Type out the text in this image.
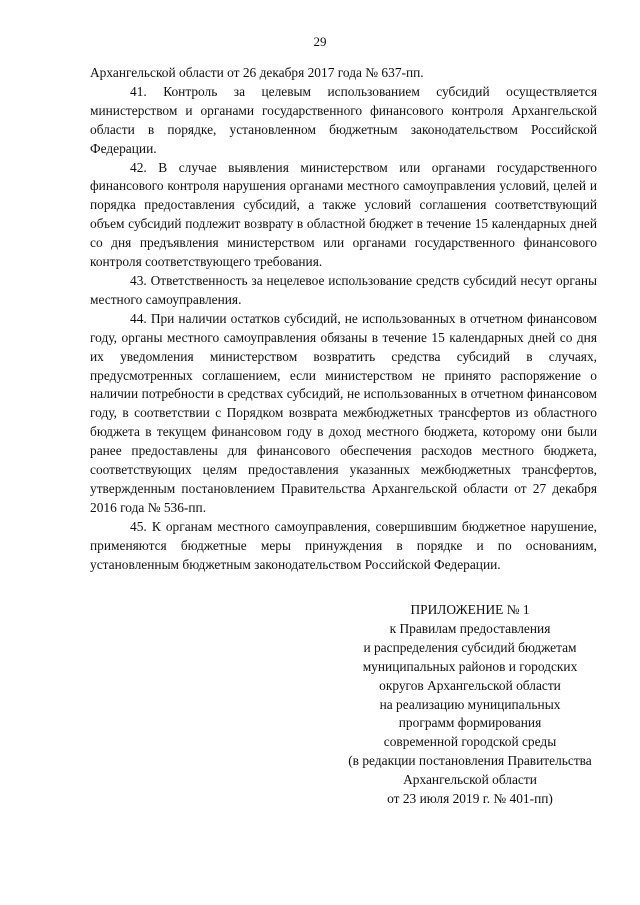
29

Архангельской области от 26 декабря 2017 года № 637-пп.

41. Контроль за целевым использованием субсидий осуществляется министерством и органами государственного финансового контроля Архангельской области в порядке, установленном бюджетным законодательством Российской Федерации.

42. В случае выявления министерством или органами государственного финансового контроля нарушения органами местного самоуправления условий, целей и порядка предоставления субсидий, а также условий соглашения соответствующий объем субсидий подлежит возврату в областной бюджет в течение 15 календарных дней со дня предъявления министерством или органами государственного финансового контроля соответствующего требования.

43. Ответственность за нецелевое использование средств субсидий несут органы местного самоуправления.

44. При наличии остатков субсидий, не использованных в отчетном финансовом году, органы местного самоуправления обязаны в течение 15 календарных дней со дня их уведомления министерством возвратить средства субсидий в случаях, предусмотренных соглашением, если министерством не принято распоряжение о наличии потребности в средствах субсидий, не использованных в отчетном финансовом году, в соответствии с Порядком возврата межбюджетных трансфертов из областного бюджета в текущем финансовом году в доход местного бюджета, которому они были ранее предоставлены для финансового обеспечения расходов местного бюджета, соответствующих целям предоставления указанных межбюджетных трансфертов, утвержденным постановлением Правительства Архангельской области от 27 декабря 2016 года № 536-пп.

45. К органам местного самоуправления, совершившим бюджетное нарушение, применяются бюджетные меры принуждения в порядке и по основаниям, установленным бюджетным законодательством Российской Федерации.

ПРИЛОЖЕНИЕ № 1
к Правилам предоставления
и распределения субсидий бюджетам
муниципальных районов и городских
округов Архангельской области
на реализацию муниципальных
программ формирования
современной городской среды
(в редакции постановления Правительства
Архангельской области
от 23 июля 2019 г. № 401-пп)
